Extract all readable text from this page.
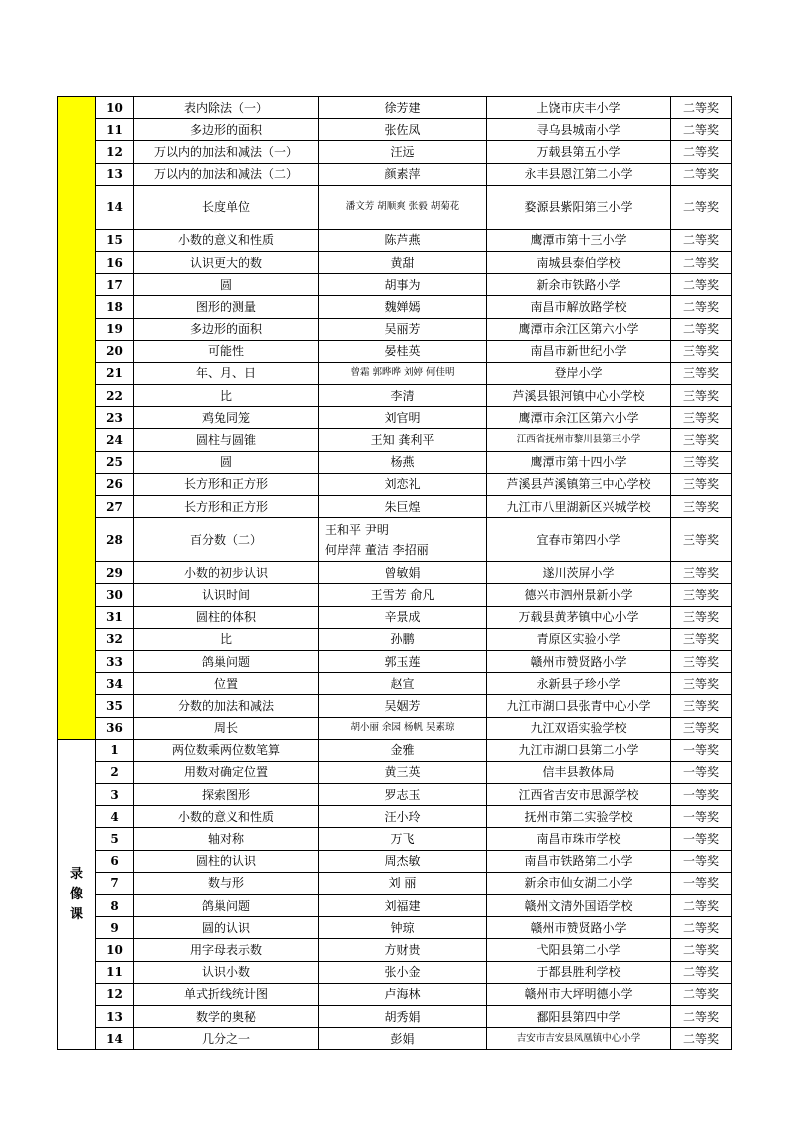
	10	表内除法（一）	徐芳建	上饶市庆丰小学	二等奖
	11	多边形的面积	张佐凤	寻乌县城南小学	二等奖
	12	万以内的加法和减法（一）	汪远	万载县第五小学	二等奖
	13	万以内的加法和减法（二）	颜素萍	永丰县恩江第二小学	二等奖
	14	长度单位	潘文芳 胡顺爽 张毅 胡菊花	婺源县紫阳第三小学	二等奖
	15	小数的意义和性质	陈芦燕	鹰潭市第十三小学	二等奖
	16	认识更大的数	黄甜	南城县泰伯学校	二等奖
	17	圆	胡事为	新余市铁路小学	二等奖
	18	图形的测量	魏婵嫣	南昌市解放路学校	二等奖
	19	多边形的面积	吴丽芳	鹰潭市余江区第六小学	二等奖
	20	可能性	晏桂英	南昌市新世纪小学	三等奖
	21	年、月、日	曾霜 郭晔晔 刘婷 何佳明	登岸小学	三等奖
	22	比	李清	芦溪县银河镇中心小学校	三等奖
	23	鸡兔同笼	刘官明	鹰潭市余江区第六小学	三等奖
	24	圆柱与圆锥	王知 龚利平	江西省抚州市黎川县第三小学	三等奖
	25	圆	杨燕	鹰潭市第十四小学	三等奖
	26	长方形和正方形	刘恋礼	芦溪县芦溪镇第三中心学校	三等奖
	27	长方形和正方形	朱巨煌	九江市八里湖新区兴城学校	三等奖
	28	百分数（二）	王和平 尹明
何岸萍 董洁 李招丽	宜春市第四小学	三等奖
	29	小数的初步认识	曾敏娟	遂川茨屏小学	三等奖
	30	认识时间	王雪芳 俞凡	德兴市泗州景新小学	三等奖
	31	圆柱的体积	辛景成	万载县黄茅镇中心小学	三等奖
	32	比	孙鹏	青原区实验小学	三等奖
	33	鸽巢问题	郭玉莲	赣州市赞贤路小学	三等奖
	34	位置	赵宣	永新县子珍小学	三等奖
	35	分数的加法和减法	吴姻芳	九江市湖口县张青中心小学	三等奖
	36	周长	胡小丽 余园 杨帆 吴素琼	九江双语实验学校	三等奖
录像课	1	两位数乘两位数笔算	金雅	九江市湖口县第二小学	一等奖
	2	用数对确定位置	黄三英	信丰县教体局	一等奖
	3	探索图形	罗志玉	江西省吉安市思源学校	一等奖
	4	小数的意义和性质	汪小玲	抚州市第二实验学校	一等奖
	5	轴对称	万飞	南昌市珠市学校	一等奖
	6	圆柱的认识	周杰敏	南昌市铁路第二小学	一等奖
	7	数与形	刘 丽	新余市仙女湖二小学	一等奖
	8	鸽巢问题	刘福建	赣州文清外国语学校	二等奖
	9	圆的认识	钟琼	赣州市赞贤路小学	二等奖
	10	用字母表示数	方财贵	弋阳县第二小学	二等奖
	11	认识小数	张小金	于都县胜利学校	二等奖
	12	单式折线统计图	卢海林	赣州市大坪明德小学	二等奖
	13	数学的奥秘	胡秀娟	鄱阳县第四中学	二等奖
	14	几分之一	彭娟	吉安市吉安县凤凰镇中心小学	二等奖
